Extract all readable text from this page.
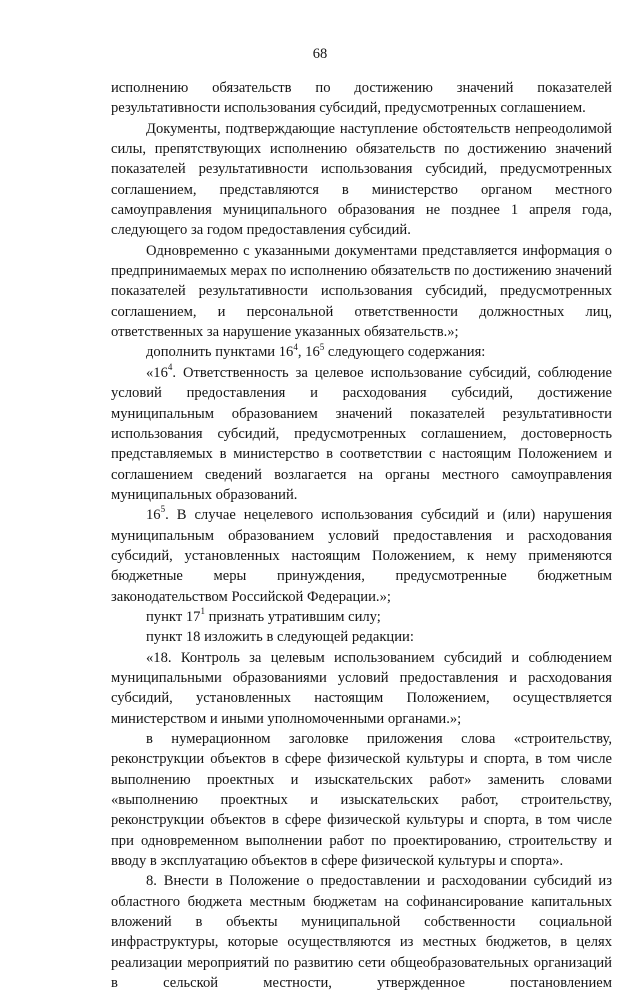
68

исполнению обязательств по достижению значений показателей результативности использования субсидий, предусмотренных соглашением.

Документы, подтверждающие наступление обстоятельств непреодолимой силы, препятствующих исполнению обязательств по достижению значений показателей результативности использования субсидий, предусмотренных соглашением, представляются в министерство органом местного самоуправления муниципального образования не позднее 1 апреля года, следующего за годом предоставления субсидий.

Одновременно с указанными документами представляется информация о предпринимаемых мерах по исполнению обязательств по достижению значений показателей результативности использования субсидий, предусмотренных соглашением, и персональной ответственности должностных лиц, ответственных за нарушение указанных обязательств.»;

дополнить пунктами $16^4$, $16^5$ следующего содержания:

«$16^4$. Ответственность за целевое использование субсидий, соблюдение условий предоставления и расходования субсидий, достижение муниципальным образованием значений показателей результативности использования субсидий, предусмотренных соглашением, достоверность представляемых в министерство в соответствии с настоящим Положением и соглашением сведений возлагается на органы местного самоуправления муниципальных образований.

$16^5$. В случае нецелевого использования субсидий и (или) нарушения муниципальным образованием условий предоставления и расходования субсидий, установленных настоящим Положением, к нему применяются бюджетные меры принуждения, предусмотренные бюджетным законодательством Российской Федерации.»;

пункт $17^1$ признать утратившим силу;

пункт 18 изложить в следующей редакции:

«18. Контроль за целевым использованием субсидий и соблюдением муниципальными образованиями условий предоставления и расходования субсидий, установленных настоящим Положением, осуществляется министерством и иными уполномоченными органами.»;

в нумерационном заголовке приложения слова «строительству, реконструкции объектов в сфере физической культуры и спорта, в том числе выполнению проектных и изыскательских работ» заменить словами «выполнению проектных и изыскательских работ, строительству, реконструкции объектов в сфере физической культуры и спорта, в том числе при одновременном выполнении работ по проектированию, строительству и вводу в эксплуатацию объектов в сфере физической культуры и спорта».

8. Внести в Положение о предоставлении и расходовании субсидий из областного бюджета местным бюджетам на софинансирование капитальных вложений в объекты муниципальной собственности социальной инфраструктуры, которые осуществляются из местных бюджетов, в целях реализации мероприятий по развитию сети общеобразовательных организаций в сельской местности, утвержденное постановлением
